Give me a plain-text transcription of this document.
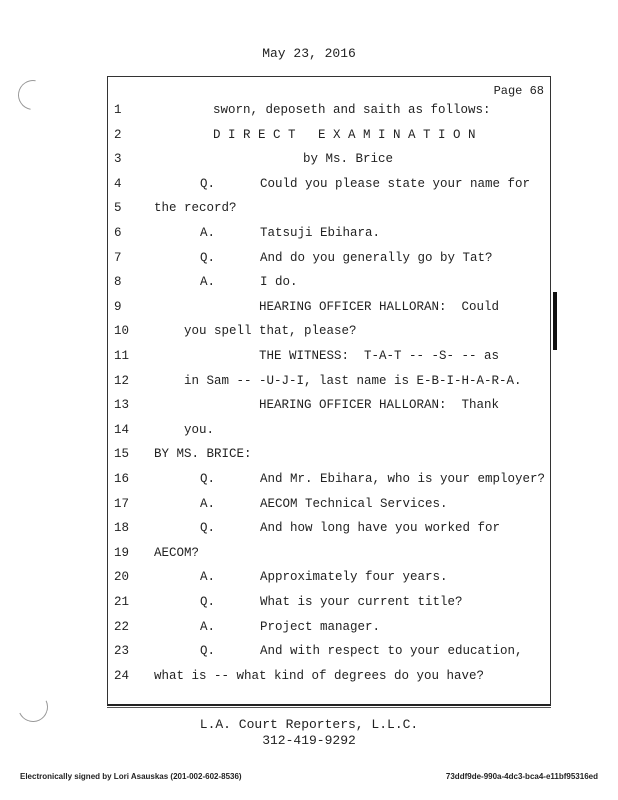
May 23, 2016
Page 68
1	sworn, deposeth and saith as follows:
2	D I R E C T   E X A M I N A T I O N
3	by Ms. Brice
4	Q.      Could you please state your name for
5	the record?
6	A.      Tatsuji Ebihara.
7	Q.      And do you generally go by Tat?
8	A.      I do.
9	HEARING OFFICER HALLORAN:  Could
10	you spell that, please?
11	THE WITNESS:  T-A-T -- -S- -- as
12	in Sam -- -U-J-I, last name is E-B-I-H-A-R-A.
13	HEARING OFFICER HALLORAN:  Thank
14	you.
15	BY MS. BRICE:
16	Q.      And Mr. Ebihara, who is your employer?
17	A.      AECOM Technical Services.
18	Q.      And how long have you worked for
19	AECOM?
20	A.      Approximately four years.
21	Q.      What is your current title?
22	A.      Project manager.
23	Q.      And with respect to your education,
24	what is -- what kind of degrees do you have?
L.A. Court Reporters, L.L.C.
312-419-9292
Electronically signed by Lori Asauskas (201-002-602-8536)	73ddf9de-990a-4dc3-bca4-e11bf95316ed
